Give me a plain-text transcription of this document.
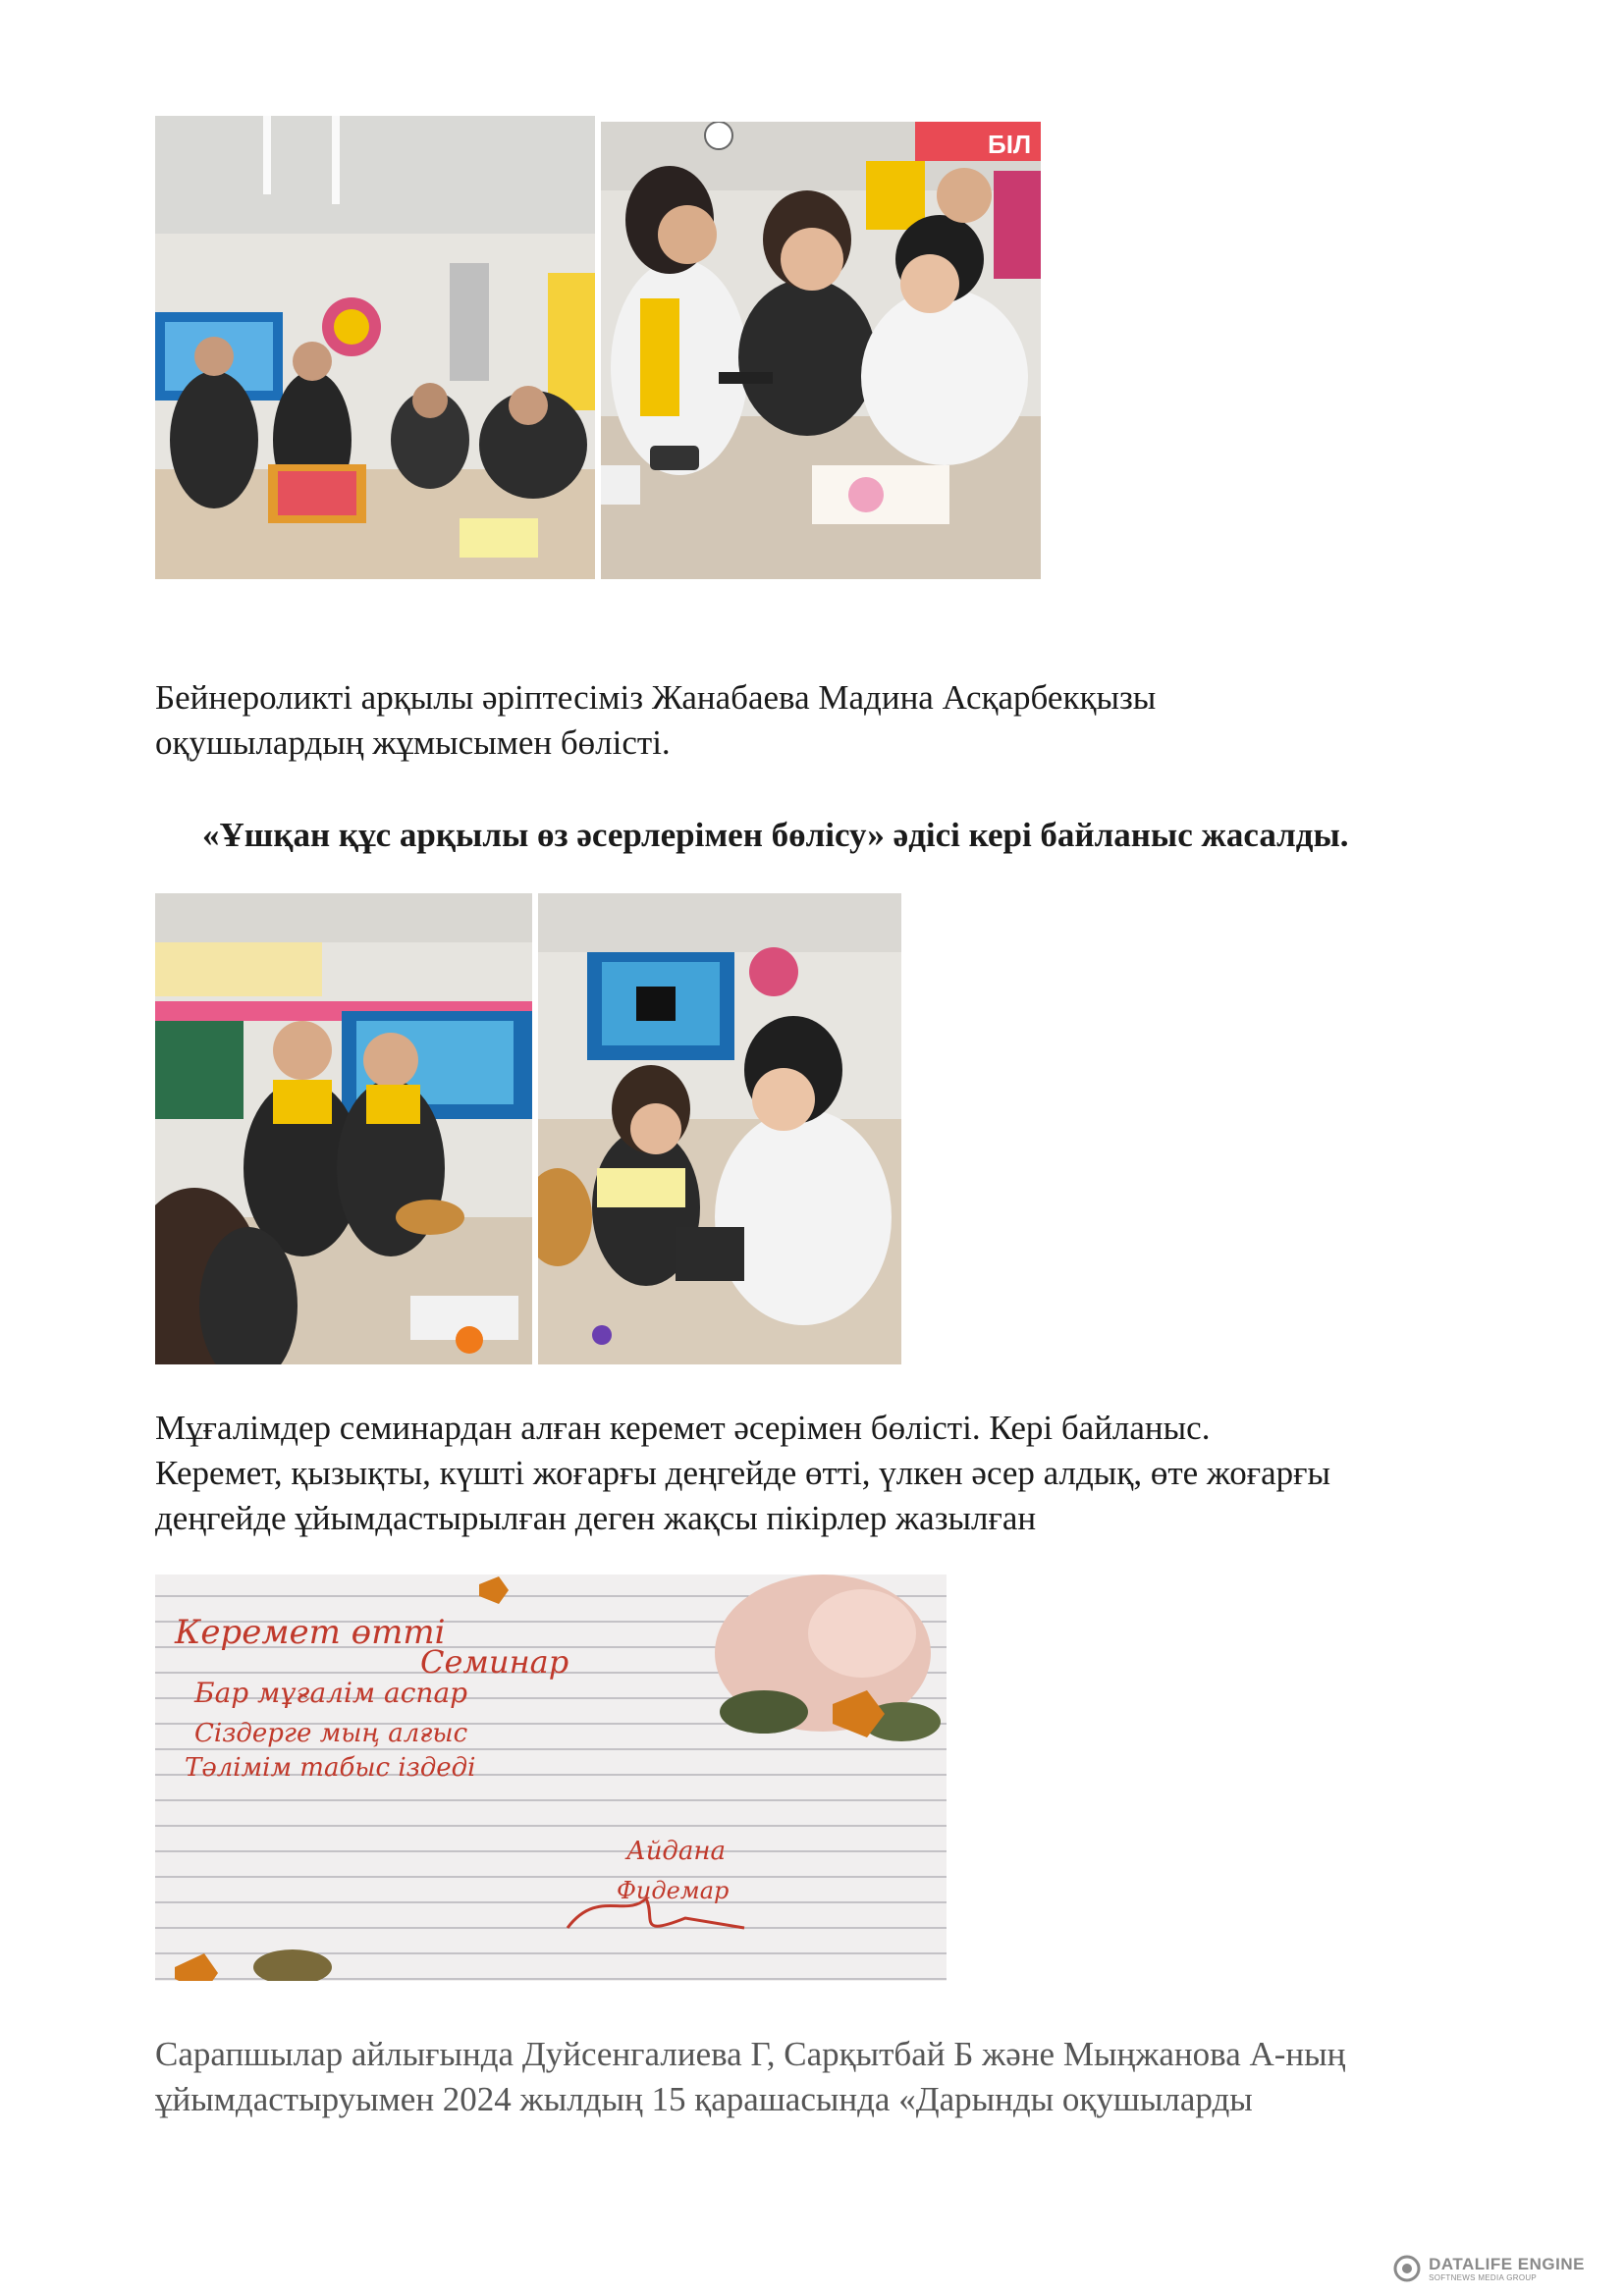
БІЛ
Бейнероликті арқылы әріптесіміз Жанабаева Мадина Асқарбекқызы
оқушылардың жұмысымен бөлісті.
«Ұшқан құс арқылы өз әсерлерімен бөлісу» әдісі кері байланыс жасалды.
Мұғалімдер семинардан алған керемет әсерімен бөлісті. Кері байланыс.
Керемет, қызықты, күшті жоғарғы деңгейде өтті, үлкен әсер алдық, өте жоғарғы
деңгейде ұйымдастырылған деген жақсы пікірлер жазылған
Керемет өтті
Семинар
Бар мұғалім аспар
Сіздерге мың алғыс
Тәлімім табыс іздеді
Айдана
Фидемар
Сарапшылар айлығында Дуйсенгалиева Г, Сарқытбай Б және Мыңжанова А-ның
ұйымдастыруымен 2024 жылдың 15 қарашасында «Дарынды оқушыларды
DATALIFE ENGINE
SOFTNEWS MEDIA GROUP
